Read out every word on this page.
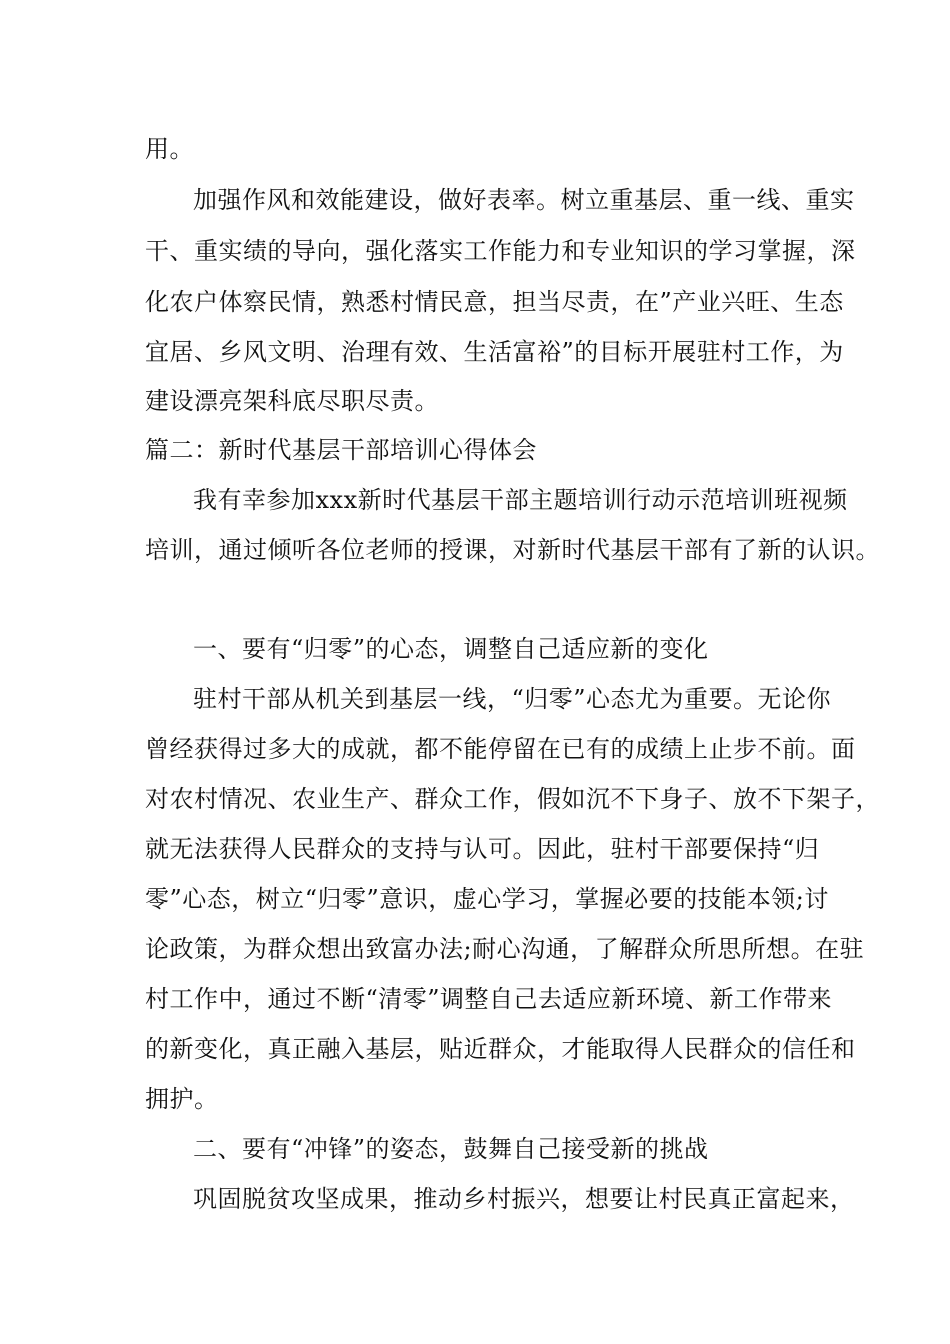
用。
加强作风和效能建设，做好表率。树立重基层、重一线、重实
干、重实绩的导向，强化落实工作能力和专业知识的学习掌握，深
化农户体察民情，熟悉村情民意，担当尽责，在”产业兴旺、生态
宜居、乡风文明、治理有效、生活富裕”的目标开展驻村工作，为
建设漂亮架科底尽职尽责。
篇二：新时代基层干部培训心得体会
我有幸参加xxx新时代基层干部主题培训行动示范培训班视频
培训，通过倾听各位老师的授课，对新时代基层干部有了新的认识。
一、要有“归零”的心态，调整自己适应新的变化
驻村干部从机关到基层一线，“归零”心态尤为重要。无论你
曾经获得过多大的成就，都不能停留在已有的成绩上止步不前。面
对农村情况、农业生产、群众工作，假如沉不下身子、放不下架子，
就无法获得人民群众的支持与认可。因此，驻村干部要保持“归
零”心态，树立“归零”意识，虚心学习，掌握必要的技能本领;讨
论政策，为群众想出致富办法;耐心沟通，了解群众所思所想。在驻
村工作中，通过不断“清零”调整自己去适应新环境、新工作带来
的新变化，真正融入基层，贴近群众，才能取得人民群众的信任和
拥护。
二、要有“冲锋”的姿态，鼓舞自己接受新的挑战
巩固脱贫攻坚成果，推动乡村振兴，想要让村民真正富起来，
